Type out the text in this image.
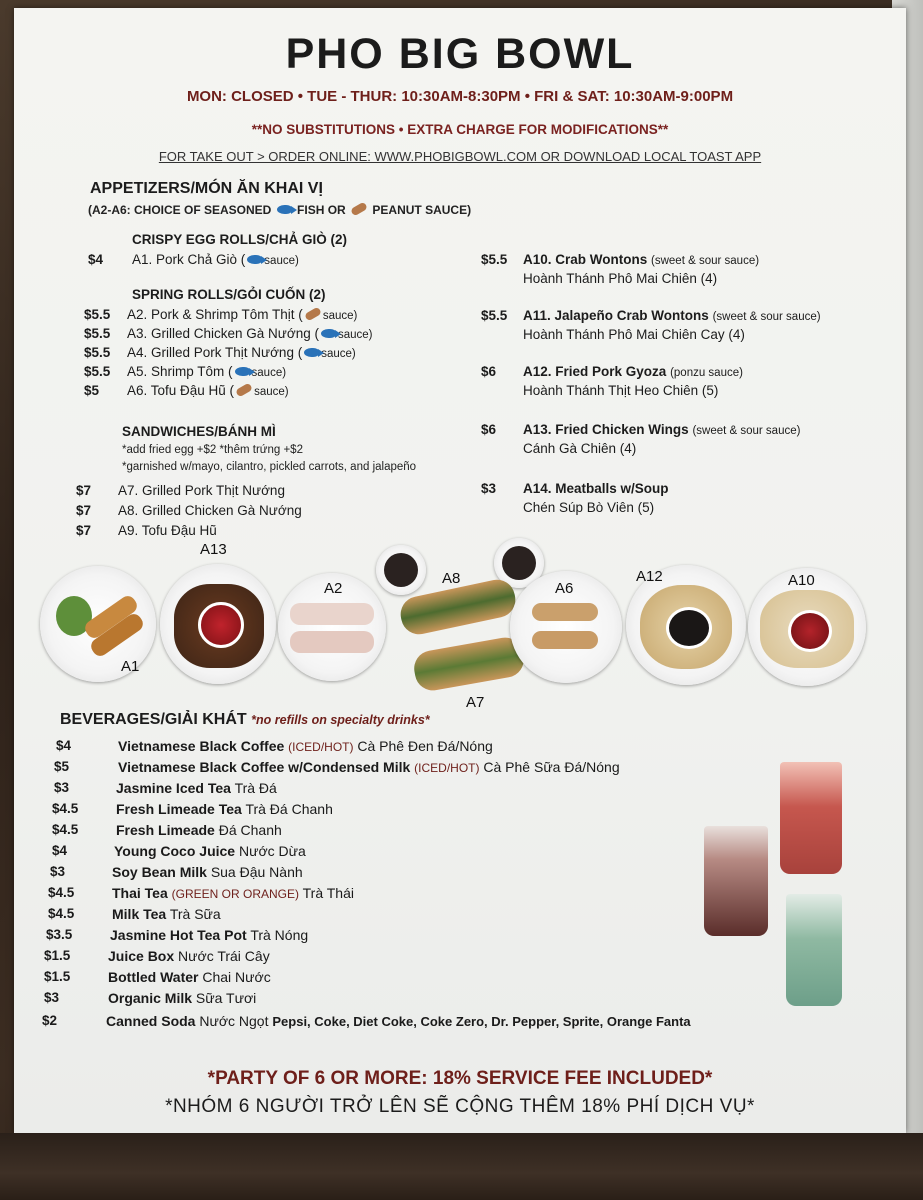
PHO BIG BOWL
MON: CLOSED • TUE - THUR: 10:30AM-8:30PM • FRI & SAT: 10:30AM-9:00PM
**NO SUBSTITUTIONS • EXTRA CHARGE FOR MODIFICATIONS**
FOR TAKE OUT > ORDER ONLINE: WWW.PHOBIGBOWL.COM OR DOWNLOAD LOCAL TOAST APP
APPETIZERS/MÓN ĂN KHAI VỊ
(A2-A6: CHOICE OF SEASONED FISH OR PEANUT SAUCE)
CRISPY EGG ROLLS/CHẢ GIÒ (2)
$4 A1. Pork Chả Giò ( sauce)
SPRING ROLLS/GỎI CUỐN (2)
$5.5 A2. Pork & Shrimp Tôm Thịt ( sauce)
$5.5 A3. Grilled Chicken Gà Nướng ( sauce)
$5.5 A4. Grilled Pork Thịt Nướng ( sauce)
$5.5 A5. Shrimp Tôm ( sauce)
$5 A6. Tofu Đậu Hũ ( sauce)
SANDWICHES/BÁNH MÌ
*add fried egg +$2 *thêm trứng +$2
*garnished w/mayo, cilantro, pickled carrots, and jalapeño
$7 A7. Grilled Pork Thịt Nướng
$7 A8. Grilled Chicken Gà Nướng
$7 A9. Tofu Đậu Hũ
$5.5 A10. Crab Wontons (sweet & sour sauce)
Hoành Thánh Phô Mai Chiên (4)
$5.5 A11. Jalapeño Crab Wontons (sweet & sour sauce)
Hoành Thánh Phô Mai Chiên Cay (4)
$6 A12. Fried Pork Gyoza (ponzu sauce)
Hoành Thánh Thịt Heo Chiên (5)
$6 A13. Fried Chicken Wings (sweet & sour sauce)
Cánh Gà Chiên (4)
$3 A14. Meatballs w/Soup
Chén Súp Bò Viên (5)
A1
A13
A2
A8
A7
A6
A12	A10
BEVERAGES/GIẢI KHÁT *no refills on specialty drinks*
$4	Vietnamese Black Coffee (ICED/HOT) Cà Phê Đen Đá/Nóng
$5	Vietnamese Black Coffee w/Condensed Milk (ICED/HOT) Cà Phê Sữa Đá/Nóng
$3	Jasmine Iced Tea Trà Đá
$4.5	Fresh Limeade Tea Trà Đá Chanh
$4.5	Fresh Limeade Đá Chanh
$4	Young Coco Juice Nước Dừa
$3	Soy Bean Milk Sua Đậu Nành
$4.5	Thai Tea (GREEN OR ORANGE) Trà Thái
$4.5	Milk Tea Trà Sữa
$3.5	Jasmine Hot Tea Pot Trà Nóng
$1.5	Juice Box Nước Trái Cây
$1.5	Bottled Water Chai Nước
$3	Organic Milk Sữa Tươi
$2	Canned Soda Nước Ngọt Pepsi, Coke, Diet Coke, Coke Zero, Dr. Pepper, Sprite, Orange Fanta
*PARTY OF 6 OR MORE: 18% SERVICE FEE INCLUDED*
*NHÓM 6 NGƯỜI TRỞ LÊN SẼ CỘNG THÊM 18% PHÍ DỊCH VỤ*
